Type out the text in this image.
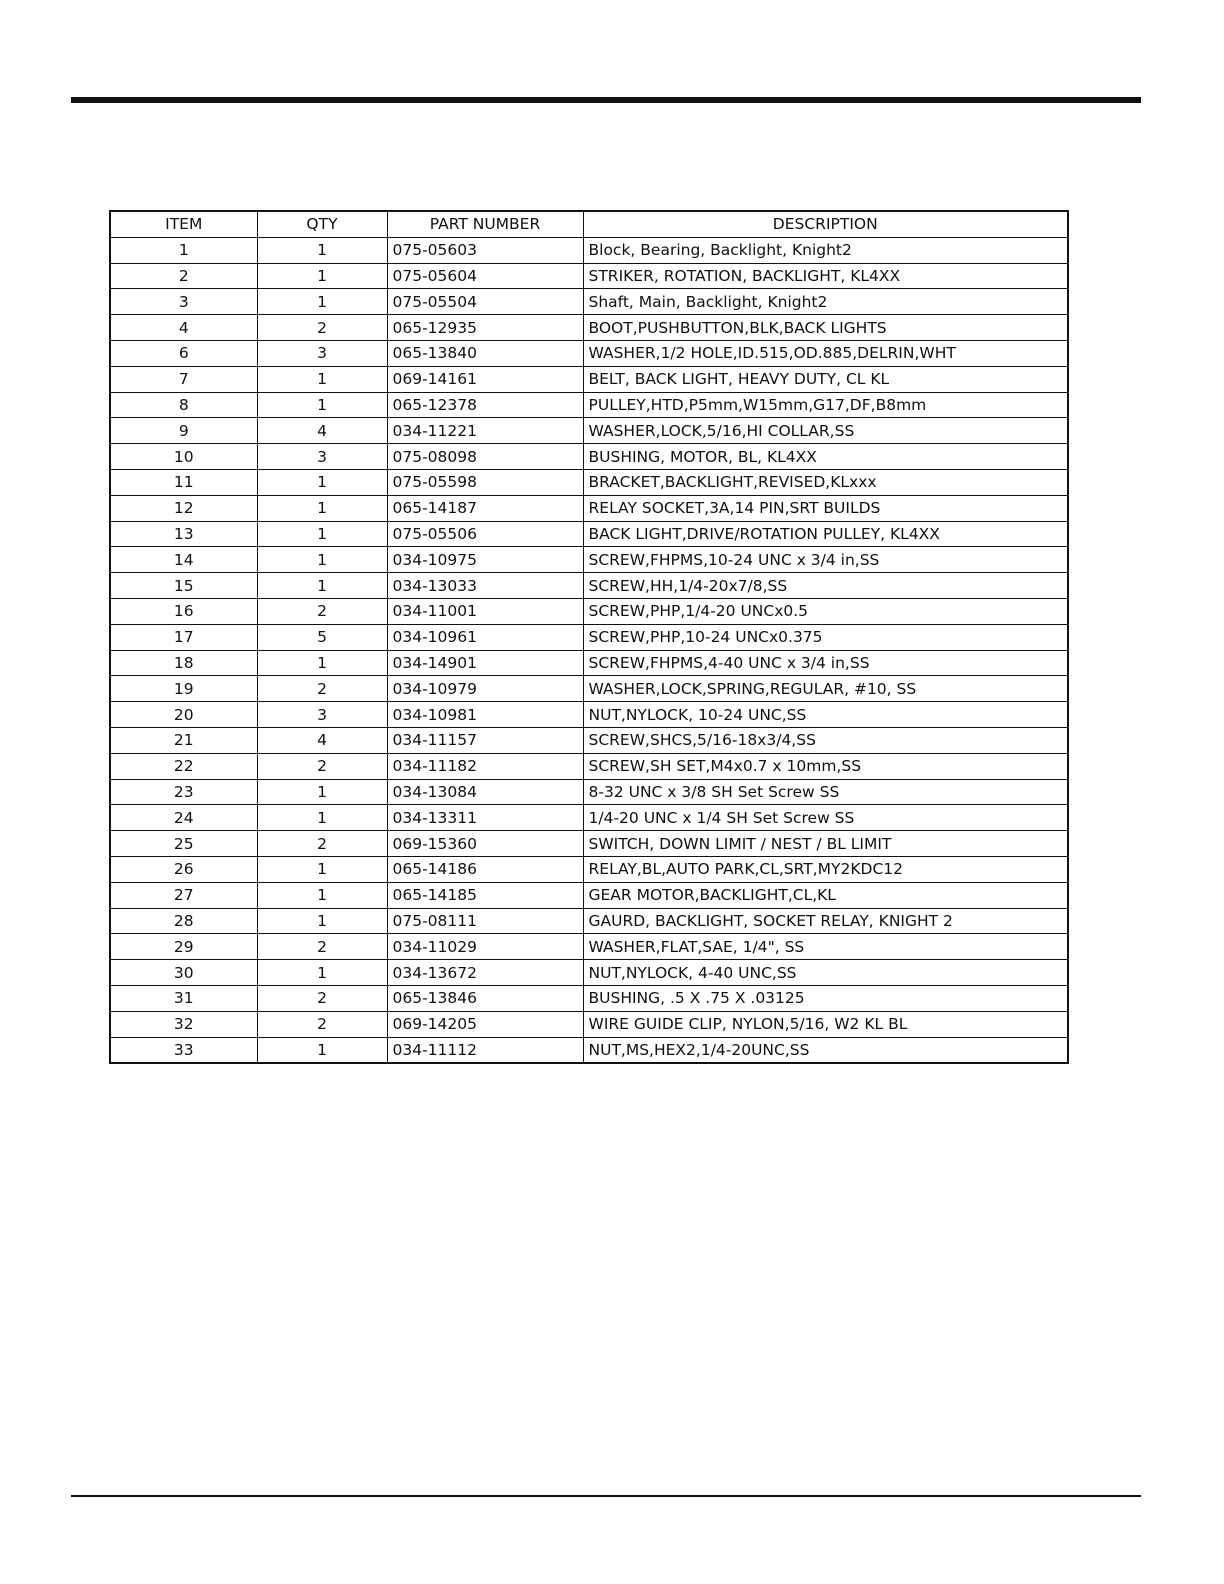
ITEM	QTY	PART NUMBER	DESCRIPTION
1	1	075-05603	Block, Bearing, Backlight, Knight2
2	1	075-05604	STRIKER, ROTATION, BACKLIGHT, KL4XX
3	1	075-05504	Shaft, Main, Backlight, Knight2
4	2	065-12935	BOOT,PUSHBUTTON,BLK,BACK LIGHTS
6	3	065-13840	WASHER,1/2 HOLE,ID.515,OD.885,DELRIN,WHT
7	1	069-14161	BELT, BACK LIGHT, HEAVY DUTY, CL KL
8	1	065-12378	PULLEY,HTD,P5mm,W15mm,G17,DF,B8mm
9	4	034-11221	WASHER,LOCK,5/16,HI COLLAR,SS
10	3	075-08098	BUSHING, MOTOR, BL, KL4XX
11	1	075-05598	BRACKET,BACKLIGHT,REVISED,KLxxx
12	1	065-14187	RELAY SOCKET,3A,14 PIN,SRT BUILDS
13	1	075-05506	BACK LIGHT,DRIVE/ROTATION PULLEY, KL4XX
14	1	034-10975	SCREW,FHPMS,10-24 UNC x 3/4 in,SS
15	1	034-13033	SCREW,HH,1/4-20x7/8,SS
16	2	034-11001	SCREW,PHP,1/4-20 UNCx0.5
17	5	034-10961	SCREW,PHP,10-24 UNCx0.375
18	1	034-14901	SCREW,FHPMS,4-40 UNC x 3/4 in,SS
19	2	034-10979	WASHER,LOCK,SPRING,REGULAR, #10, SS
20	3	034-10981	NUT,NYLOCK, 10-24 UNC,SS
21	4	034-11157	SCREW,SHCS,5/16-18x3/4,SS
22	2	034-11182	SCREW,SH SET,M4x0.7 x 10mm,SS
23	1	034-13084	8-32 UNC x 3/8 SH Set Screw SS
24	1	034-13311	1/4-20 UNC x 1/4 SH Set Screw SS
25	2	069-15360	SWITCH, DOWN LIMIT / NEST / BL LIMIT
26	1	065-14186	RELAY,BL,AUTO PARK,CL,SRT,MY2KDC12
27	1	065-14185	GEAR MOTOR,BACKLIGHT,CL,KL
28	1	075-08111	GAURD, BACKLIGHT, SOCKET RELAY, KNIGHT 2
29	2	034-11029	WASHER,FLAT,SAE, 1/4", SS
30	1	034-13672	NUT,NYLOCK, 4-40 UNC,SS
31	2	065-13846	BUSHING, .5 X .75 X .03125
32	2	069-14205	WIRE GUIDE CLIP, NYLON,5/16, W2 KL BL
33	1	034-11112	NUT,MS,HEX2,1/4-20UNC,SS
